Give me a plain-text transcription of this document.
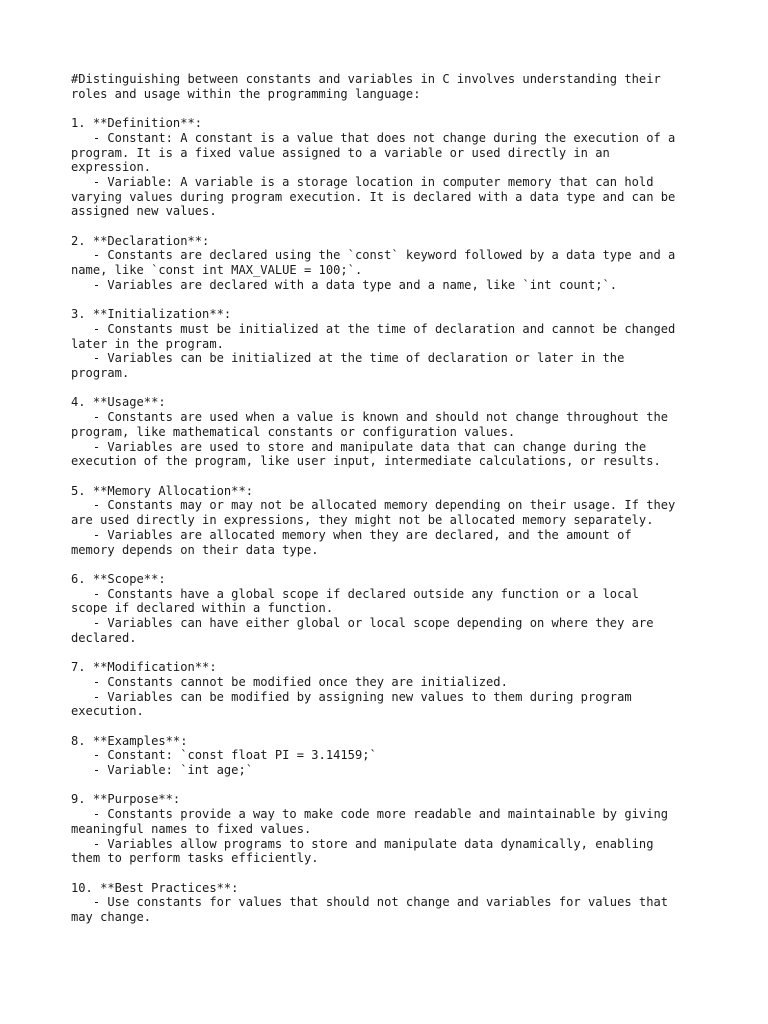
#Distinguishing between constants and variables in C involves understanding their
roles and usage within the programming language:

1. **Definition**:
- Constant: A constant is a value that does not change during the execution of a
program. It is a fixed value assigned to a variable or used directly in an
expression.
- Variable: A variable is a storage location in computer memory that can hold
varying values during program execution. It is declared with a data type and can be
assigned new values.

2. **Declaration**:
- Constants are declared using the `const` keyword followed by a data type and a
name, like `const int MAX_VALUE = 100;`.
- Variables are declared with a data type and a name, like `int count;`.

3. **Initialization**:
- Constants must be initialized at the time of declaration and cannot be changed
later in the program.
- Variables can be initialized at the time of declaration or later in the
program.

4. **Usage**:
- Constants are used when a value is known and should not change throughout the
program, like mathematical constants or configuration values.
- Variables are used to store and manipulate data that can change during the
execution of the program, like user input, intermediate calculations, or results.

5. **Memory Allocation**:
- Constants may or may not be allocated memory depending on their usage. If they
are used directly in expressions, they might not be allocated memory separately.
- Variables are allocated memory when they are declared, and the amount of
memory depends on their data type.

6. **Scope**:
- Constants have a global scope if declared outside any function or a local
scope if declared within a function.
- Variables can have either global or local scope depending on where they are
declared.

7. **Modification**:
- Constants cannot be modified once they are initialized.
- Variables can be modified by assigning new values to them during program
execution.

8. **Examples**:
- Constant: `const float PI = 3.14159;`
- Variable: `int age;`

9. **Purpose**:
- Constants provide a way to make code more readable and maintainable by giving
meaningful names to fixed values.
- Variables allow programs to store and manipulate data dynamically, enabling
them to perform tasks efficiently.

10. **Best Practices**:
- Use constants for values that should not change and variables for values that
may change.
